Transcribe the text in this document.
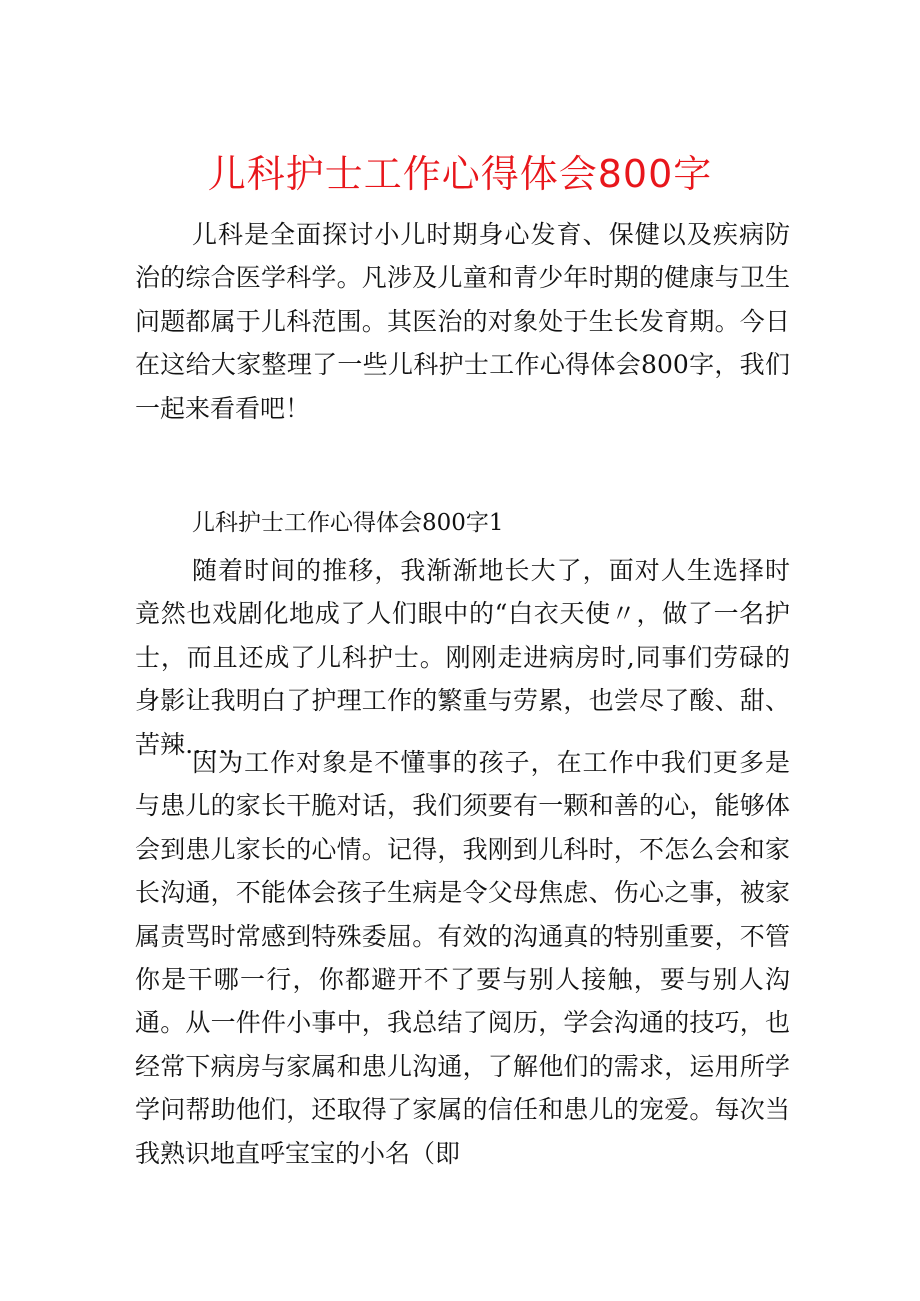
儿科护士工作心得体会800字

儿科是全面探讨小儿时期身心发育、保健以及疾病防治的综合医学科学。凡涉及儿童和青少年时期的健康与卫生问题都属于儿科范围。其医治的对象处于生长发育期。今日在这给大家整理了一些儿科护士工作心得体会800字，我们一起来看看吧！

儿科护士工作心得体会800字1

随着时间的推移，我渐渐地长大了，面对人生选择时竟然也戏剧化地成了人们眼中的“白衣天使〃，做了一名护士，而且还成了儿科护士。刚刚走进病房时,同事们劳碌的身影让我明白了护理工作的繁重与劳累，也尝尽了酸、甜、苦辣……

因为工作对象是不懂事的孩子，在工作中我们更多是与患儿的家长干脆对话，我们须要有一颗和善的心，能够体会到患儿家长的心情。记得，我刚到儿科时，不怎么会和家长沟通，不能体会孩子生病是令父母焦虑、伤心之事，被家属责骂时常感到特殊委屈。有效的沟通真的特别重要，不管你是干哪一行，你都避开不了要与别人接触，要与别人沟通。从一件件小事中，我总结了阅历，学会沟通的技巧，也经常下病房与家属和患儿沟通，了解他们的需求，运用所学学问帮助他们，还取得了家属的信任和患儿的宠爱。每次当我熟识地直呼宝宝的小名（即
